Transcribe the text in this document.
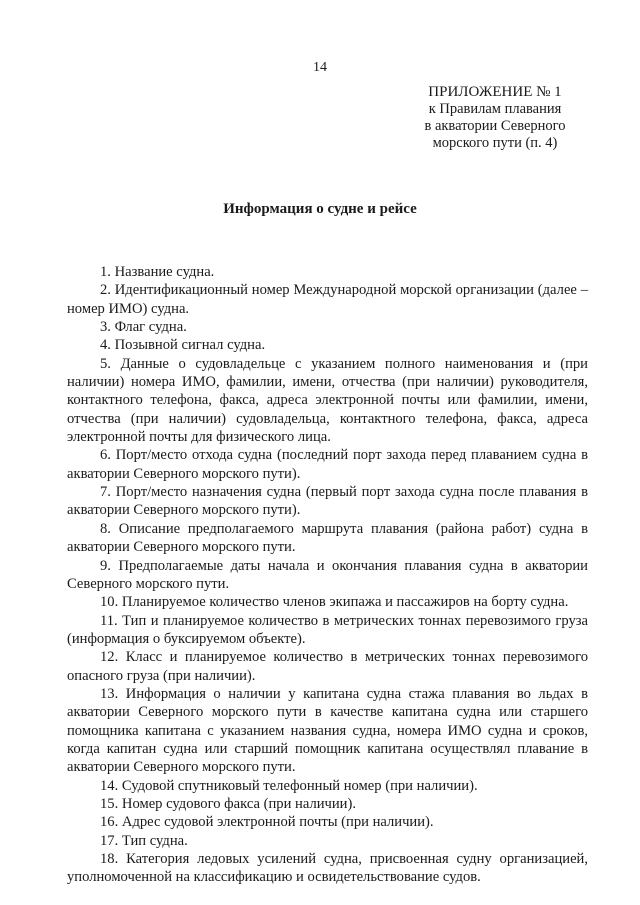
14
ПРИЛОЖЕНИЕ № 1
к Правилам плавания
в акватории Северного
морского пути (п. 4)
Информация о судне и рейсе

1. Название судна.

2. Идентификационный номер Международной морской организации (далее – номер ИМО) судна.

3. Флаг судна.

4. Позывной сигнал судна.

5. Данные о судовладельце с указанием полного наименования и (при наличии) номера ИМО, фамилии, имени, отчества (при наличии) руководителя, контактного телефона, факса, адреса электронной почты или фамилии, имени, отчества (при наличии) судовладельца, контактного телефона, факса, адреса электронной почты для физического лица.

6. Порт/место отхода судна (последний порт захода перед плаванием судна в акватории Северного морского пути).

7. Порт/место назначения судна (первый порт захода судна после плавания в акватории Северного морского пути).

8. Описание предполагаемого маршрута плавания (района работ) судна в акватории Северного морского пути.

9. Предполагаемые даты начала и окончания плавания судна в акватории Северного морского пути.

10. Планируемое количество членов экипажа и пассажиров на борту судна.

11. Тип и планируемое количество в метрических тоннах перевозимого груза (информация о буксируемом объекте).

12. Класс и планируемое количество в метрических тоннах перевозимого опасного груза (при наличии).

13. Информация о наличии у капитана судна стажа плавания во льдах в акватории Северного морского пути в качестве капитана судна или старшего помощника капитана с указанием названия судна, номера ИМО судна и сроков, когда капитан судна или старший помощник капитана осуществлял плавание в акватории Северного морского пути.

14. Судовой спутниковый телефонный номер (при наличии).

15. Номер судового факса (при наличии).

16. Адрес судовой электронной почты (при наличии).

17. Тип судна.

18. Категория ледовых усилений судна, присвоенная судну организацией, уполномоченной на классификацию и освидетельствование судов.
